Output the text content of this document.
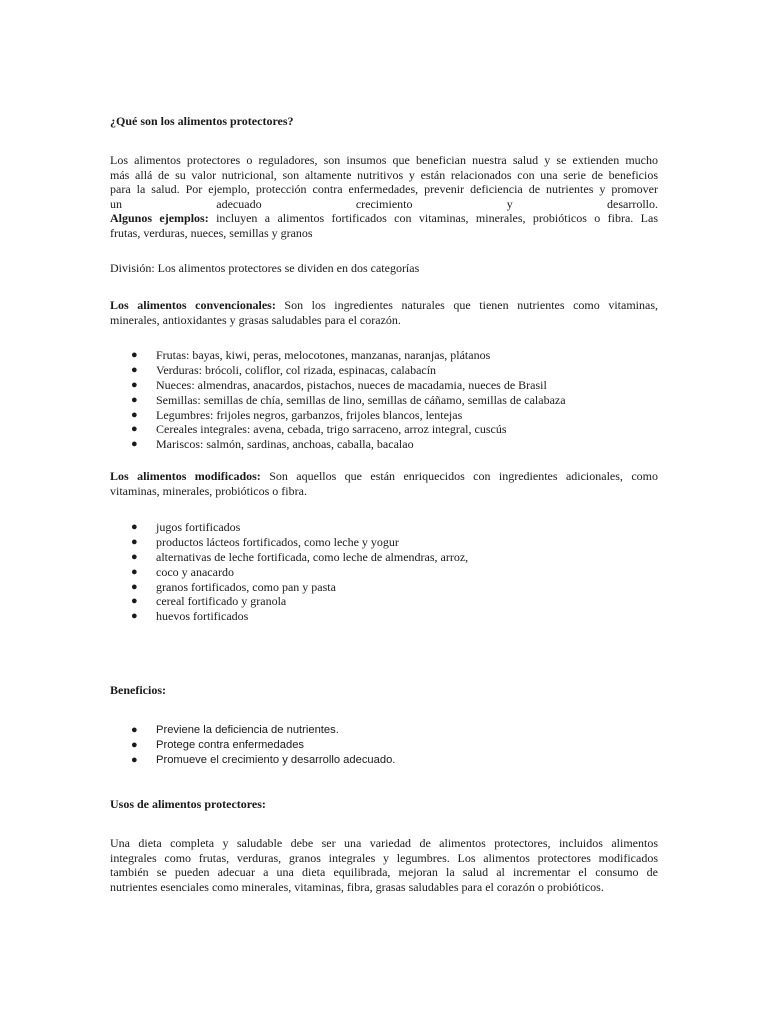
¿Qué son los alimentos protectores?
Los alimentos protectores o reguladores, son insumos que benefician nuestra salud y se extienden mucho
más allá de su valor nutricional, son altamente nutritivos y están relacionados con una serie de beneficios
para la salud. Por ejemplo, protección contra enfermedades, prevenir deficiencia de nutrientes y promover
un adecuado crecimiento y desarrollo.
Algunos ejemplos: incluyen a alimentos fortificados con vitaminas, minerales, probióticos o fibra. Las
frutas, verduras, nueces, semillas y granos
División: Los alimentos protectores se dividen en dos categorías
Los alimentos convencionales: Son los ingredientes naturales que tienen nutrientes como vitaminas,
minerales, antioxidantes y grasas saludables para el corazón.
● Frutas: bayas, kiwi, peras, melocotones, manzanas, naranjas, plátanos
● Verduras: brócoli, coliflor, col rizada, espinacas, calabacín
● Nueces: almendras, anacardos, pistachos, nueces de macadamia, nueces de Brasil
● Semillas: semillas de chía, semillas de lino, semillas de cáñamo, semillas de calabaza
● Legumbres: frijoles negros, garbanzos, frijoles blancos, lentejas
● Cereales integrales: avena, cebada, trigo sarraceno, arroz integral, cuscús
● Mariscos: salmón, sardinas, anchoas, caballa, bacalao
Los alimentos modificados: Son aquellos que están enriquecidos con ingredientes adicionales, como
vitaminas, minerales, probióticos o fibra.
● jugos fortificados
● productos lácteos fortificados, como leche y yogur
● alternativas de leche fortificada, como leche de almendras, arroz,
● coco y anacardo
● granos fortificados, como pan y pasta
● cereal fortificado y granola
● huevos fortificados
Beneficios:
● Previene la deficiencia de nutrientes.
● Protege contra enfermedades
● Promueve el crecimiento y desarrollo adecuado.
Usos de alimentos protectores:
Una dieta completa y saludable debe ser una variedad de alimentos protectores, incluidos alimentos
integrales como frutas, verduras, granos integrales y legumbres. Los alimentos protectores modificados
también se pueden adecuar a una dieta equilibrada, mejoran la salud al incrementar el consumo de
nutrientes esenciales como minerales, vitaminas, fibra, grasas saludables para el corazón o probióticos.
